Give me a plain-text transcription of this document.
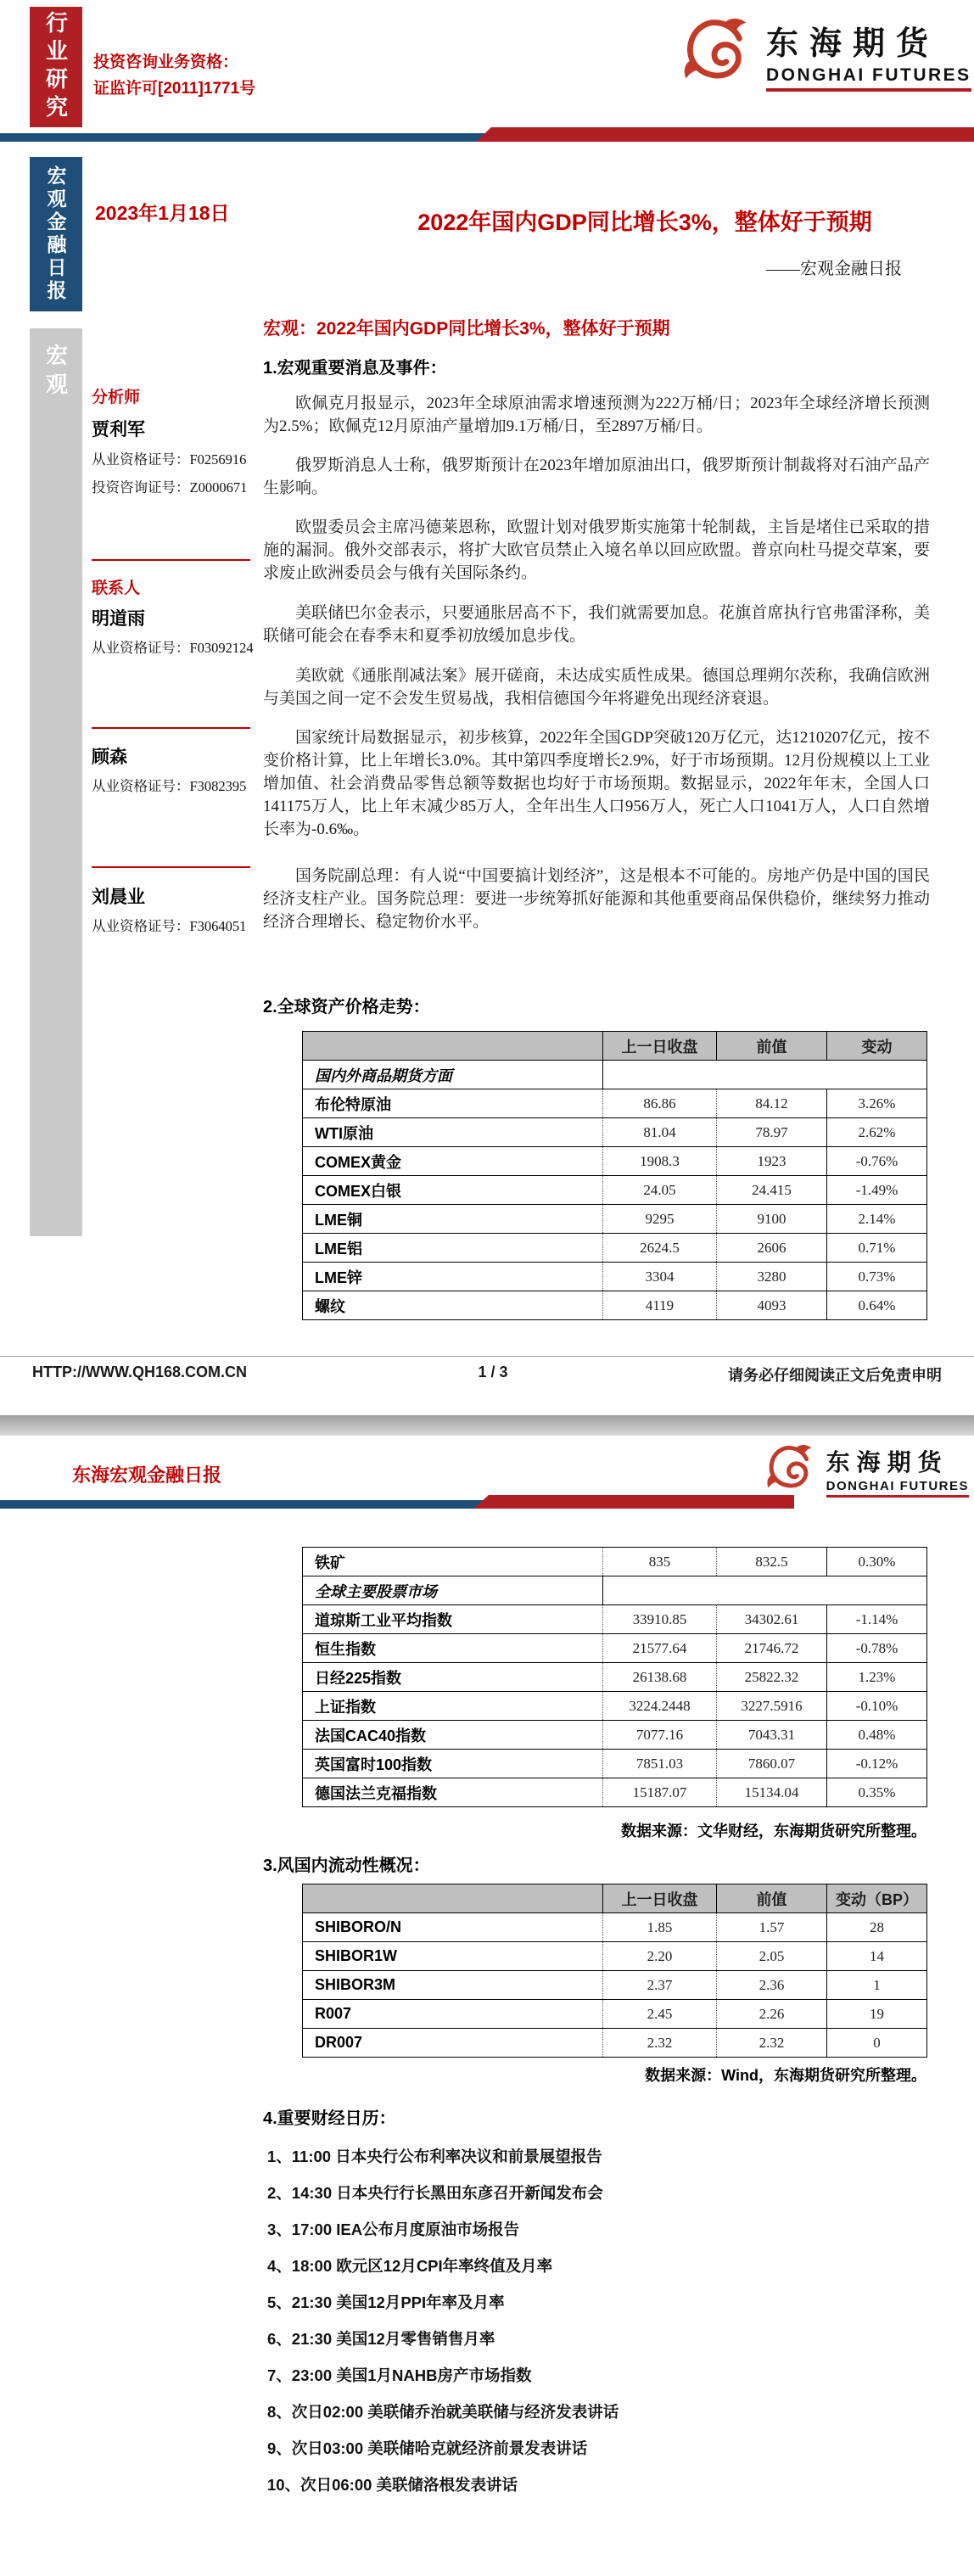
行业研究	投资咨询业务资格：
证监许可[2011]1771号
东海期货
DONGHAI FUTURES
宏观金融日报
宏观
2023年1月18日	2022年国内GDP同比增长3%，整体好于预期
——宏观金融日报
宏观：2022年国内GDP同比增长3%，整体好于预期
分析师
贾利军
从业资格证号：F0256916
投资咨询证号：Z0000671
联系人
明道雨
从业资格证号：F03092124
顾森
从业资格证号：F3082395
刘晨业
从业资格证号：F3064051
1.宏观重要消息及事件：

欧佩克月报显示，2023年全球原油需求增速预测为222万桶/日；2023年全球经济增长预测为2.5%；欧佩克12月原油产量增加9.1万桶/日，至2897万桶/日。

俄罗斯消息人士称，俄罗斯预计在2023年增加原油出口，俄罗斯预计制裁将对石油产品产生影响。

欧盟委员会主席冯德莱恩称，欧盟计划对俄罗斯实施第十轮制裁，主旨是堵住已采取的措施的漏洞。俄外交部表示，将扩大欧官员禁止入境名单以回应欧盟。普京向杜马提交草案，要求废止欧洲委员会与俄有关国际条约。

美联储巴尔金表示，只要通胀居高不下，我们就需要加息。花旗首席执行官弗雷泽称，美联储可能会在春季末和夏季初放缓加息步伐。

美欧就《通胀削减法案》展开磋商，未达成实质性成果。德国总理朔尔茨称，我确信欧洲与美国之间一定不会发生贸易战，我相信德国今年将避免出现经济衰退。

国家统计局数据显示，初步核算，2022年全国GDP突破120万亿元，达1210207亿元，按不变价格计算，比上年增长3.0%。其中第四季度增长2.9%，好于市场预期。12月份规模以上工业增加值、社会消费品零售总额等数据也均好于市场预期。数据显示，2022年年末，全国人口141175万人，比上年末减少85万人，全年出生人口956万人，死亡人口1041万人，人口自然增长率为-0.6‰。

国务院副总理：有人说“中国要搞计划经济”，这是根本不可能的。房地产仍是中国的国民经济支柱产业。国务院总理：要进一步统筹抓好能源和其他重要商品保供稳价，继续努力推动经济合理增长、稳定物价水平。

2.全球资产价格走势：
	上一日收盘	前值	变动
国内外商品期货方面			
布伦特原油	86.86	84.12	3.26%
WTI原油	81.04	78.97	2.62%
COMEX黄金	1908.3	1923	-0.76%
COMEX白银	24.05	24.415	-1.49%
LME铜	9295	9100	2.14%
LME铝	2624.5	2606	0.71%
LME锌	3304	3280	0.73%
螺纹	4119	4093	0.64%
HTTP://WWW.QH168.COM.CN	1 / 3	请务必仔细阅读正文后免责申明
东海宏观金融日报	东海期货
DONGHAI FUTURES
铁矿	835	832.5	0.30%
全球主要股票市场			
道琼斯工业平均指数	33910.85	34302.61	-1.14%
恒生指数	21577.64	21746.72	-0.78%
日经225指数	26138.68	25822.32	1.23%
上证指数	3224.2448	3227.5916	-0.10%
法国CAC40指数	7077.16	7043.31	0.48%
英国富时100指数	7851.03	7860.07	-0.12%
德国法兰克福指数	15187.07	15134.04	0.35%
数据来源：文华财经，东海期货研究所整理。
3.风国内流动性概况：
	上一日收盘	前值	变动（BP）
SHIBORO/N	1.85	1.57	28
SHIBOR1W	2.20	2.05	14
SHIBOR3M	2.37	2.36	1
R007	2.45	2.26	19
DR007	2.32	2.32	0
数据来源：Wind，东海期货研究所整理。
4.重要财经日历：
1、11:00 日本央行公布利率决议和前景展望报告
2、14:30 日本央行行长黑田东彦召开新闻发布会
3、17:00 IEA公布月度原油市场报告
4、18:00 欧元区12月CPI年率终值及月率
5、21:30 美国12月PPI年率及月率
6、21:30 美国12月零售销售月率
7、23:00 美国1月NAHB房产市场指数
8、次日02:00 美联储乔治就美联储与经济发表讲话
9、次日03:00 美联储哈克就经济前景发表讲话
10、次日06:00 美联储洛根发表讲话
